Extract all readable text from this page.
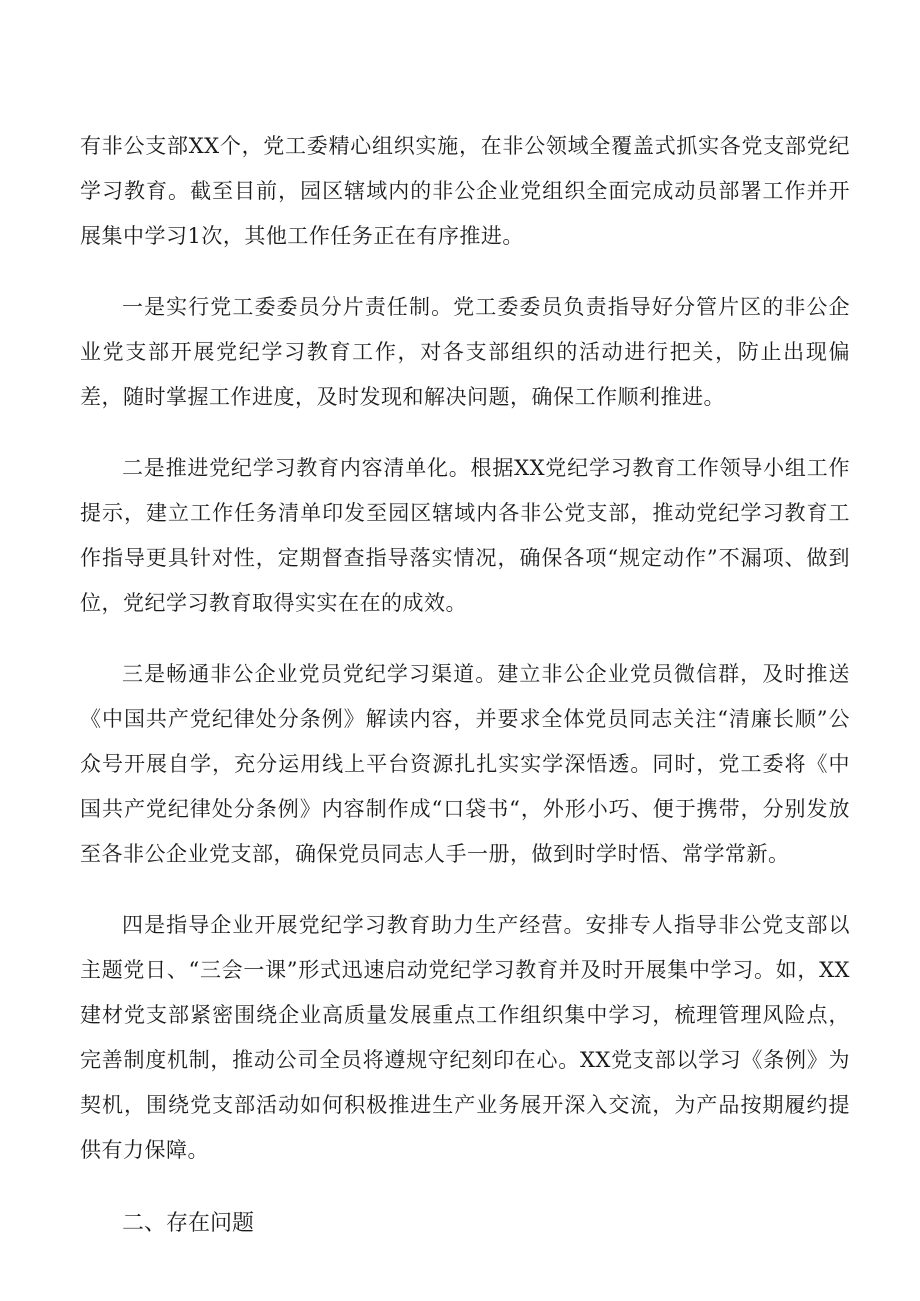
有非公支部XX个，党工委精心组织实施，在非公领域全覆盖式抓实各党支部党纪学习教育。截至目前，园区辖域内的非公企业党组织全面完成动员部署工作并开展集中学习1次，其他工作任务正在有序推进。

一是实行党工委委员分片责任制。党工委委员负责指导好分管片区的非公企业党支部开展党纪学习教育工作，对各支部组织的活动进行把关，防止出现偏差，随时掌握工作进度，及时发现和解决问题，确保工作顺利推进。

二是推进党纪学习教育内容清单化。根据XX党纪学习教育工作领导小组工作提示，建立工作任务清单印发至园区辖域内各非公党支部，推动党纪学习教育工作指导更具针对性，定期督查指导落实情况，确保各项“规定动作”不漏项、做到位，党纪学习教育取得实实在在的成效。

三是畅通非公企业党员党纪学习渠道。建立非公企业党员微信群，及时推送《中国共产党纪律处分条例》解读内容，并要求全体党员同志关注“清廉长顺”公众号开展自学，充分运用线上平台资源扎扎实实学深悟透。同时，党工委将《中国共产党纪律处分条例》内容制作成“口袋书“，外形小巧、便于携带，分别发放至各非公企业党支部，确保党员同志人手一册，做到时学时悟、常学常新。

四是指导企业开展党纪学习教育助力生产经营。安排专人指导非公党支部以主题党日、“三会一课”形式迅速启动党纪学习教育并及时开展集中学习。如，XX建材党支部紧密围绕企业高质量发展重点工作组织集中学习，梳理管理风险点，完善制度机制，推动公司全员将遵规守纪刻印在心。XX党支部以学习《条例》为契机，围绕党支部活动如何积极推进生产业务展开深入交流，为产品按期履约提供有力保障。

二、存在问题
